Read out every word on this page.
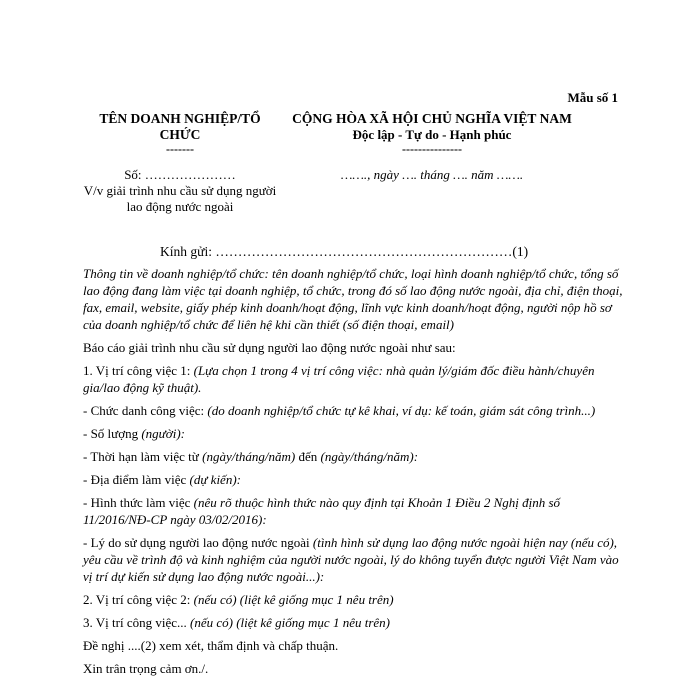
Mẫu số 1
TÊN DOANH NGHIỆP/TỔ CHỨC
-------
CỘNG HÒA XÃ HỘI CHỦ NGHĨA VIỆT NAM
Độc lập - Tự do - Hạnh phúc
---------------
Số: …………………	……., ngày …. tháng …. năm …….
V/v giải trình nhu cầu sử dụng người lao động nước ngoài
Kính gửi: …………………………………………………………(1)

Thông tin về doanh nghiệp/tổ chức: tên doanh nghiệp/tổ chức, loại hình doanh nghiệp/tổ chức, tổng số lao động đang làm việc tại doanh nghiệp, tổ chức, trong đó số lao động nước ngoài, địa chỉ, điện thoại, fax, email, website, giấy phép kinh doanh/hoạt động, lĩnh vực kinh doanh/hoạt động, người nộp hồ sơ của doanh nghiệp/tổ chức để liên hệ khi cần thiết (số điện thoại, email)

Báo cáo giải trình nhu cầu sử dụng người lao động nước ngoài như sau:

1. Vị trí công việc 1: (Lựa chọn 1 trong 4 vị trí công việc: nhà quản lý/giám đốc điều hành/chuyên gia/lao động kỹ thuật).

- Chức danh công việc: (do doanh nghiệp/tổ chức tự kê khai, ví dụ: kế toán, giám sát công trình...)

- Số lượng (người):

- Thời hạn làm việc từ (ngày/tháng/năm) đến (ngày/tháng/năm):

- Địa điểm làm việc (dự kiến):

- Hình thức làm việc (nêu rõ thuộc hình thức nào quy định tại Khoản 1 Điều 2 Nghị định số 11/2016/NĐ-CP ngày 03/02/2016):

- Lý do sử dụng người lao động nước ngoài (tình hình sử dụng lao động nước ngoài hiện nay (nếu có), yêu cầu về trình độ và kinh nghiệm của người nước ngoài, lý do không tuyển được người Việt Nam vào vị trí dự kiến sử dụng lao động nước ngoài...):

2. Vị trí công việc 2: (nếu có) (liệt kê giống mục 1 nêu trên)

3. Vị trí công việc... (nếu có) (liệt kê giống mục 1 nêu trên)

Đề nghị ....(2) xem xét, thẩm định và chấp thuận.

Xin trân trọng cảm ơn./.
